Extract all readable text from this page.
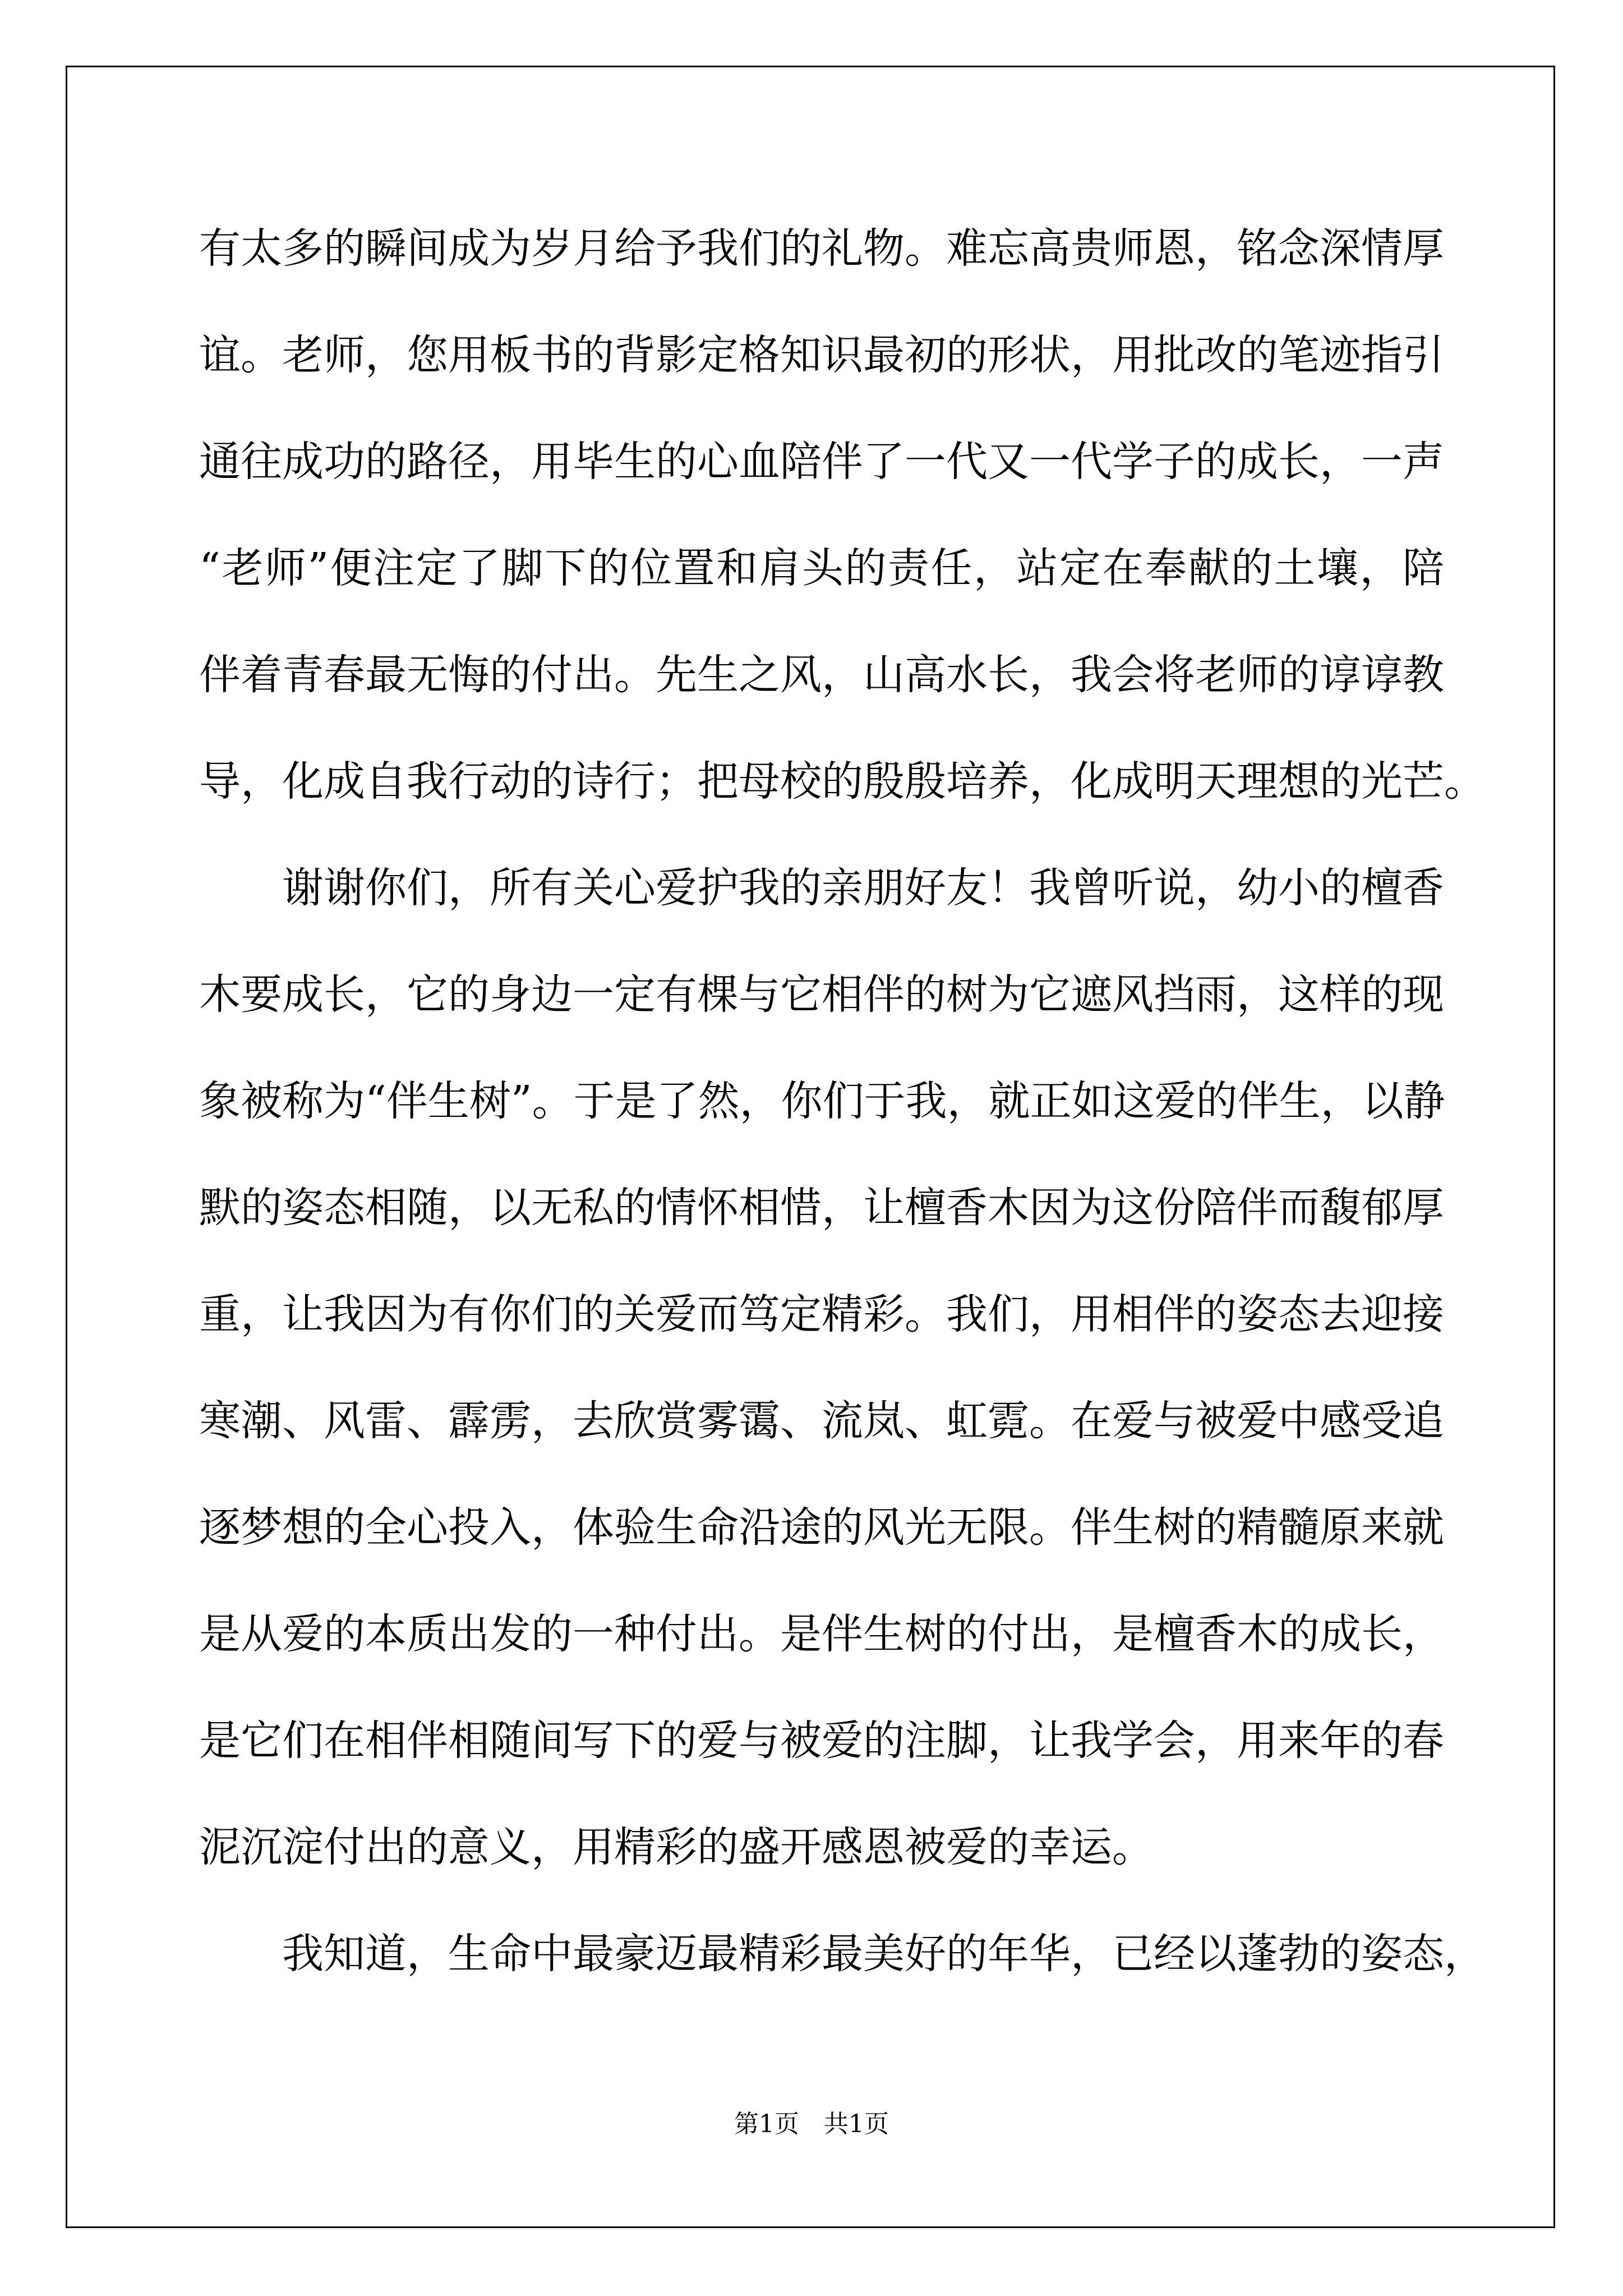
有太多的瞬间成为岁月给予我们的礼物。难忘高贵师恩，铭念深情厚
谊。老师，您用板书的背影定格知识最初的形状，用批改的笔迹指引
通往成功的路径，用毕生的心血陪伴了一代又一代学子的成长，一声
“老师”便注定了脚下的位置和肩头的责任，站定在奉献的土壤，陪
伴着青春最无悔的付出。先生之风，山高水长，我会将老师的谆谆教
导，化成自我行动的诗行；把母校的殷殷培养，化成明天理想的光芒。
谢谢你们，所有关心爱护我的亲朋好友！我曾听说，幼小的檀香
木要成长，它的身边一定有棵与它相伴的树为它遮风挡雨，这样的现
象被称为“伴生树”。于是了然，你们于我，就正如这爱的伴生，以静
默的姿态相随，以无私的情怀相惜，让檀香木因为这份陪伴而馥郁厚
重，让我因为有你们的关爱而笃定精彩。我们，用相伴的姿态去迎接
寒潮、风雷、霹雳，去欣赏雾霭、流岚、虹霓。在爱与被爱中感受追
逐梦想的全心投入，体验生命沿途的风光无限。伴生树的精髓原来就
是从爱的本质出发的一种付出。是伴生树的付出，是檀香木的成长，
是它们在相伴相随间写下的爱与被爱的注脚，让我学会，用来年的春
泥沉淀付出的意义，用精彩的盛开感恩被爱的幸运。
我知道，生命中最豪迈最精彩最美好的年华，已经以蓬勃的姿态，
第1页　共1页
